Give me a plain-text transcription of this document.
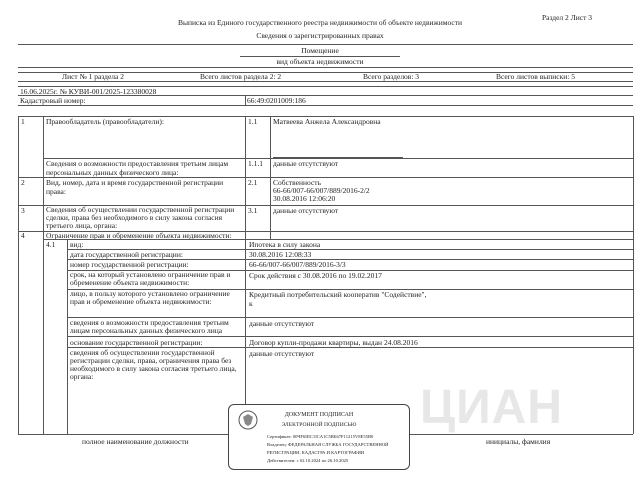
ЦИАН
Раздел 2 Лист 3
Выписка из Единого государственного реестра недвижимости об объекте недвижимости
Сведения о зарегистрированных правах
Помещение
вид объекта недвижимости
Лист № 1 раздела 2	Всего листов раздела 2: 2	Всего разделов: 3	Всего листов выписки: 5
16.06.2025г. № КУВИ-001/2025-123380028
Кадастровый номер:	66:49:0201009:186
1	Правообладатель (правообладатели):	1.1 Матвеева Анжела Александровна
Сведения о возможности предоставления третьим лицам персональных данных физического лица:
1.1.1 данные отсутствуют
2	Вид, номер, дата и время государственной регистрации права:
2.1 Собственность
66-66/007-66/007/889/2016-2/2
30.08.2016 12:06:20
3	Сведения об осуществлении государственной регистрации сделки, права без необходимого в силу закона согласия третьего лица, органа:
3.1 данные отсутствуют
4	Ограничение прав и обременение объекта недвижимости:
4.1 вид:	Ипотека в силу закона
дата государственной регистрации:	30.08.2016 12:08:33
номер государственной регистрации:	66-66/007-66/007/889/2016-3/3
срок, на который установлено ограничение прав и обременение объекта недвижимости:
Срок действия с 30.08.2016 по 19.02.2017
лицо, в пользу которого установлено ограничение прав и обременение объекта недвижимости:
Кредитный потребительский кооператив "Содействие",
к
сведения о возможности предоставления третьим лицам персональных данных физического лица
данные отсутствуют
основание государственной регистрации:	Договор купли-продажи квартиры, выдан 24.08.2016
сведения об осуществлении государственной регистрации сделки, права, ограничения права без необходимого в силу закона согласия третьего лица, органа:
данные отсутствуют
полное наименование должности	инициалы, фамилия
ДОКУМЕНТ ПОДПИСАН
ЭЛЕКТРОННОЙ ПОДПИСЬЮ
Сертификат: 00ЧF6IIIC1ICA1C5BБ67F11215V8E55B0
Владелец: ФЕДЕРАЛЬНАЯ СЛУЖБА ГОСУДАРСТВЕННОЙ
РЕГИСТРАЦИИ, КАДАСТРА И КАРТОГРАФИИ
Действителен: с 02.10.2024 по 26.10.2025
